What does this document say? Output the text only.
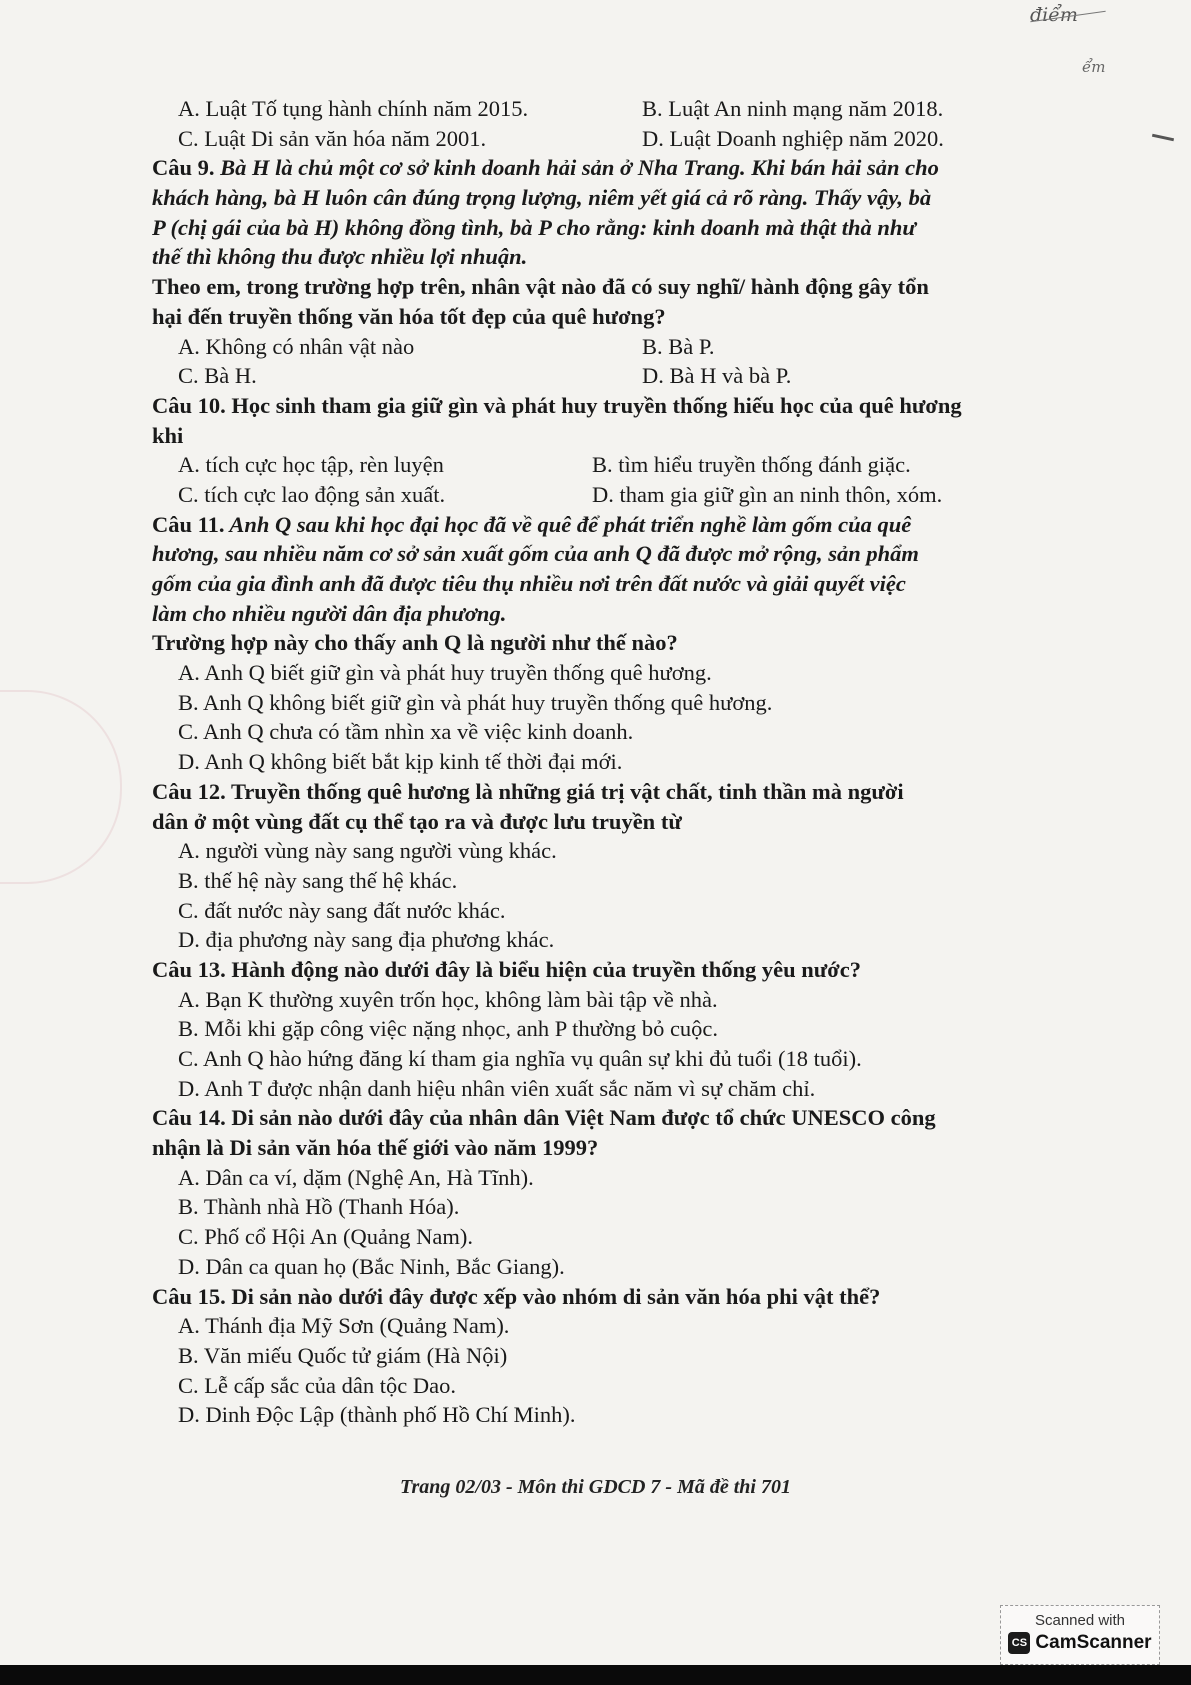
điểm
ểm
A. Luật Tố tụng hành chính năm 2015.	B. Luật An ninh mạng năm 2018.
C. Luật Di sản văn hóa năm 2001.	D. Luật Doanh nghiệp năm 2020.
Câu 9. Bà H là chủ một cơ sở kinh doanh hải sản ở Nha Trang. Khi bán hải sản cho
khách hàng, bà H luôn cân đúng trọng lượng, niêm yết giá cả rõ ràng. Thấy vậy, bà
P (chị gái của bà H) không đồng tình, bà P cho rằng: kinh doanh mà thật thà như
thế thì không thu được nhiều lợi nhuận.
Theo em, trong trường hợp trên, nhân vật nào đã có suy nghĩ/ hành động gây tổn
hại đến truyền thống văn hóa tốt đẹp của quê hương?
A. Không có nhân vật nào	B. Bà P.
C. Bà H.	D. Bà H và bà P.
Câu 10. Học sinh tham gia giữ gìn và phát huy truyền thống hiếu học của quê hương
khi
A. tích cực học tập, rèn luyện	B. tìm hiểu truyền thống đánh giặc.
C. tích cực lao động sản xuất.	D. tham gia giữ gìn an ninh thôn, xóm.
Câu 11. Anh Q sau khi học đại học đã về quê để phát triển nghề làm gốm của quê
hương, sau nhiều năm cơ sở sản xuất gốm của anh Q đã được mở rộng, sản phẩm
gốm của gia đình anh đã được tiêu thụ nhiều nơi trên đất nước và giải quyết việc
làm cho nhiều người dân địa phương.
Trường hợp này cho thấy anh Q là người như thế nào?
A. Anh Q biết giữ gìn và phát huy truyền thống quê hương.
B. Anh Q không biết giữ gìn và phát huy truyền thống quê hương.
C. Anh Q chưa có tầm nhìn xa về việc kinh doanh.
D. Anh Q không biết bắt kịp kinh tế thời đại mới.
Câu 12. Truyền thống quê hương là những giá trị vật chất, tinh thần mà người
dân ở một vùng đất cụ thể tạo ra và được lưu truyền từ
A. người vùng này sang người vùng khác.
B. thế hệ này sang thế hệ khác.
C. đất nước này sang đất nước khác.
D. địa phương này sang địa phương khác.
Câu 13. Hành động nào dưới đây là biểu hiện của truyền thống yêu nước?
A. Bạn K thường xuyên trốn học, không làm bài tập về nhà.
B. Mỗi khi gặp công việc nặng nhọc, anh P thường bỏ cuộc.
C. Anh Q hào hứng đăng kí tham gia nghĩa vụ quân sự khi đủ tuổi (18 tuổi).
D. Anh T được nhận danh hiệu nhân viên xuất sắc năm vì sự chăm chỉ.
Câu 14. Di sản nào dưới đây của nhân dân Việt Nam được tổ chức UNESCO công
nhận là Di sản văn hóa thế giới vào năm 1999?
A. Dân ca ví, dặm (Nghệ An, Hà Tĩnh).
B. Thành nhà Hồ (Thanh Hóa).
C. Phố cổ Hội An (Quảng Nam).
D. Dân ca quan họ (Bắc Ninh, Bắc Giang).
Câu 15. Di sản nào dưới đây được xếp vào nhóm di sản văn hóa phi vật thể?
A. Thánh địa Mỹ Sơn (Quảng Nam).
B. Văn miếu Quốc tử giám (Hà Nội)
C. Lễ cấp sắc của dân tộc Dao.
D. Dinh Độc Lập (thành phố Hồ Chí Minh).
Trang 02/03 - Môn thi GDCD 7 - Mã đề thi 701
Scanned with
CS CamScanner
